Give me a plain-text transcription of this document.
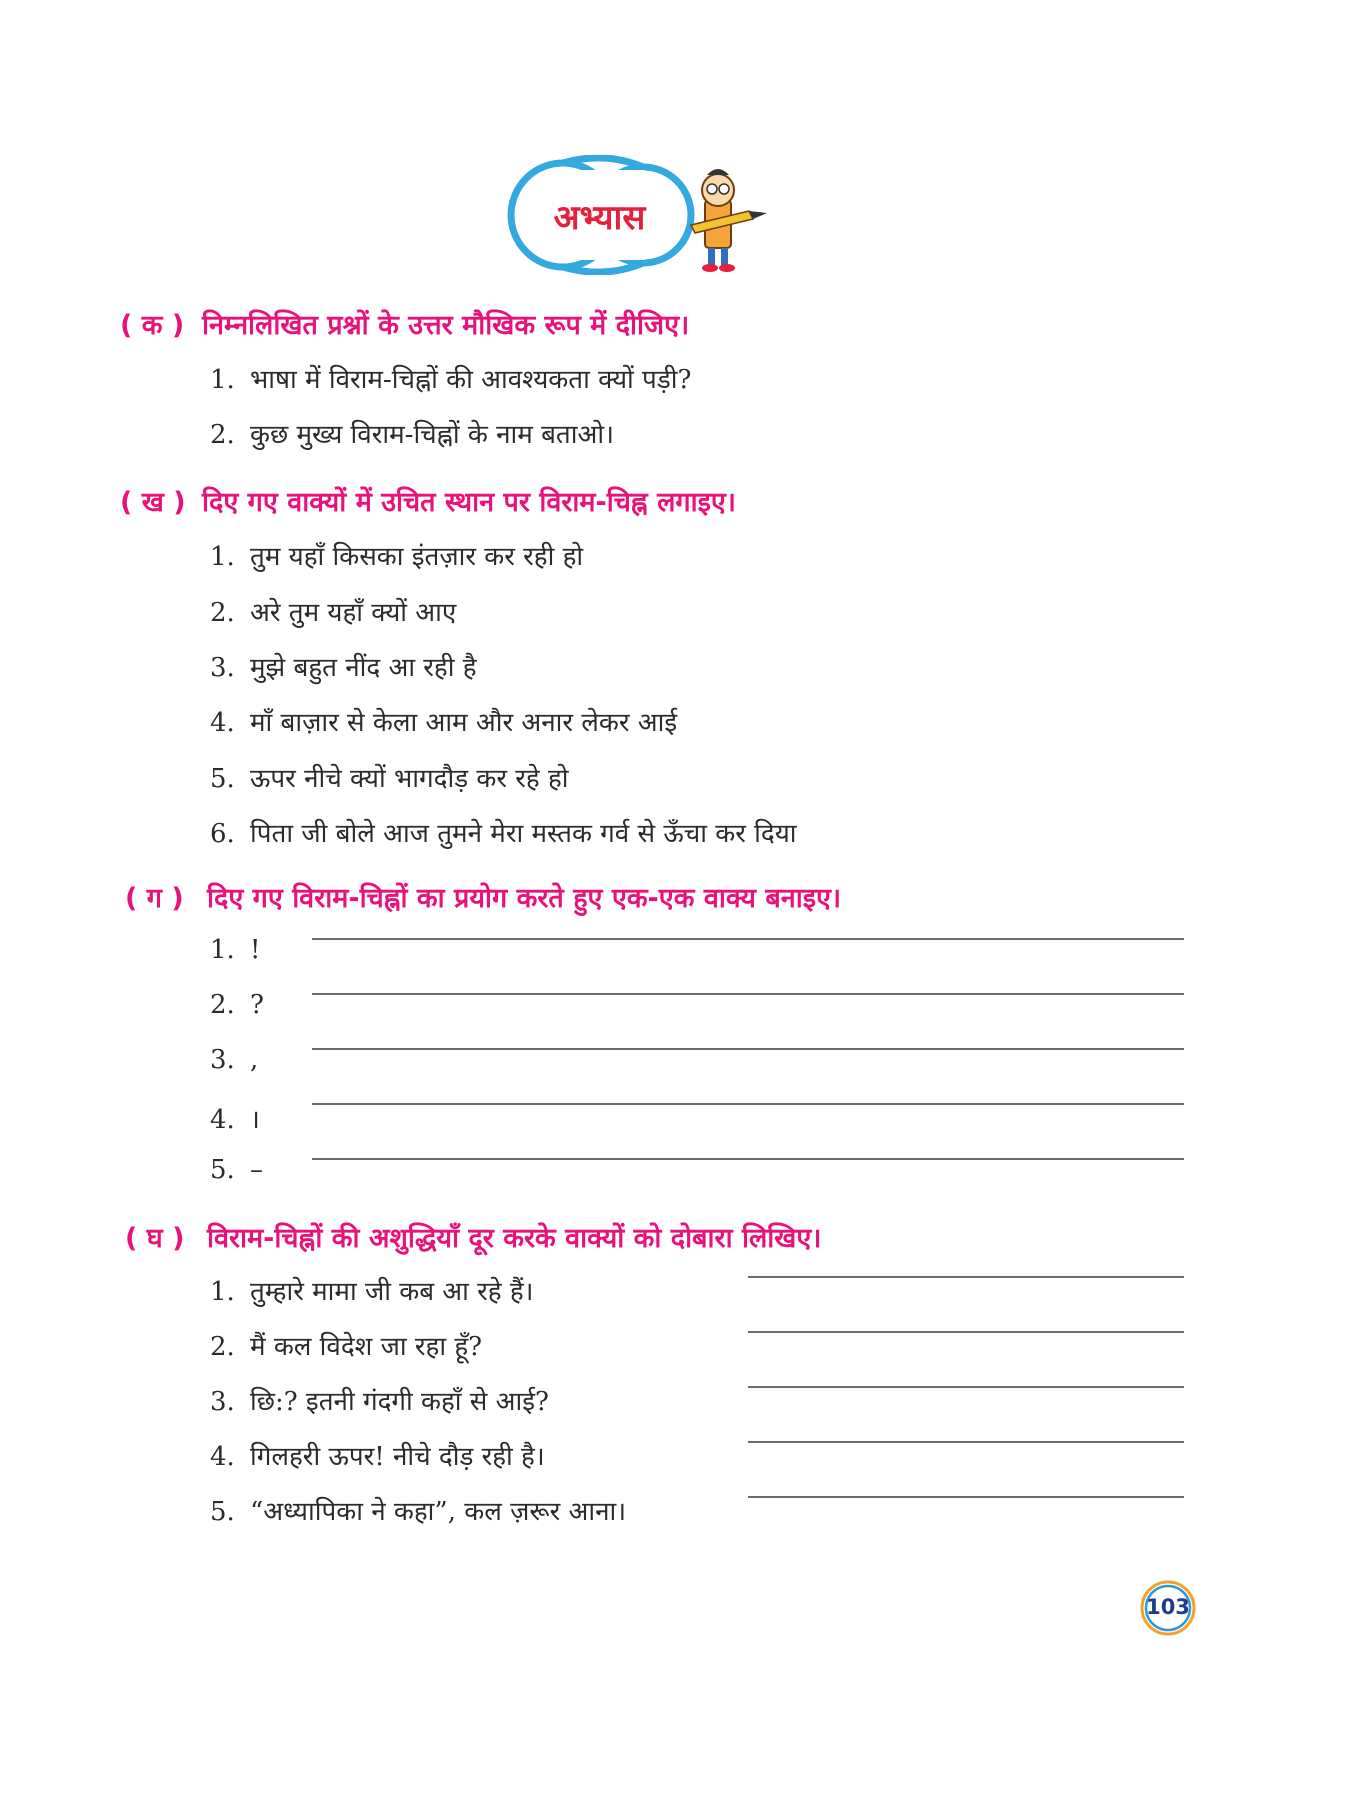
अभ्यास
( क ) निम्नलिखित प्रश्नों के उत्तर मौखिक रूप में दीजिए।
1. भाषा में विराम-चिह्नों की आवश्यकता क्यों पड़ी?
2. कुछ मुख्य विराम-चिह्नों के नाम बताओ।
( ख ) दिए गए वाक्यों में उचित स्थान पर विराम-चिह्न लगाइए।
1. तुम यहाँ किसका इंतज़ार कर रही हो
2. अरे तुम यहाँ क्यों आए
3. मुझे बहुत नींद आ रही है
4. माँ बाज़ार से केला आम और अनार लेकर आई
5. ऊपर नीचे क्यों भागदौड़ कर रहे हो
6. पिता जी बोले आज तुमने मेरा मस्तक गर्व से ऊँचा कर दिया
( ग ) दिए गए विराम-चिह्नों का प्रयोग करते हुए एक-एक वाक्य बनाइए।
1. !
2. ?
3. ,
4. ।
5. –
( घ ) विराम-चिह्नों की अशुद्धियाँ दूर करके वाक्यों को दोबारा लिखिए।
1. तुम्हारे मामा जी कब आ रहे हैं।
2. मैं कल विदेश जा रहा हूँ?
3. छि:? इतनी गंदगी कहाँ से आई?
4. गिलहरी ऊपर! नीचे दौड़ रही है।
5. “अध्यापिका ने कहा”, कल ज़रूर आना।
103
